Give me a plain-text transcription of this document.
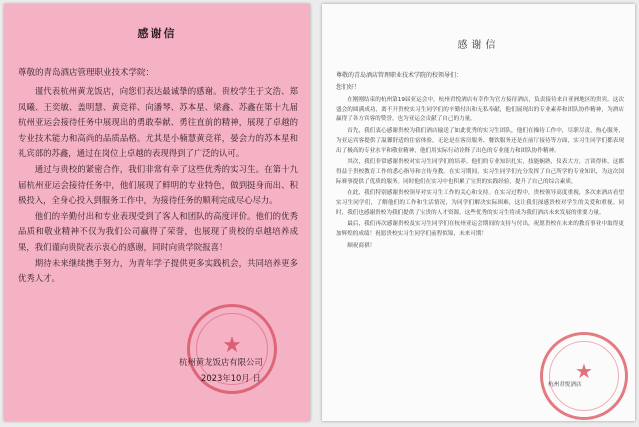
感谢信
尊敬的青岛酒店管理职业技术学院：

谨代表杭州黄龙饭店，向您们表达最诚挚的感谢。贵校学生于文浩、郑凤曦、王奕敏、盖明慧、黄竞祥、向潘琴、苏本星、梁鑫、苏鑫在第十九届杭州亚运会接待任务中展现出的勇敢奉献、勇往直前的精神，展现了卓越的专业技术能力和高尚的品质品格。尤其是小楠慧黄竞祥，晏会力的苏本星和礼宾部的苏鑫，通过在岗位上卓越的表现得到了广泛的认可。

通过与贵校的紧密合作，我们非常有幸了这些优秀的实习生。在第十九届杭州亚运会接待任务中，他们展现了鲜明的专业特色，做到挺身而出、积极投入，全身心投入到服务工作中，为接待任务的顺利完成尽心尽力。

他们的辛勤付出和专业表现受到了客人和团队的高度评价。他们的优秀品质和敬业精神不仅为我们公司赢得了荣誉，也展现了贵校的卓越培养成果，我们谨向贵院表示衷心的感谢，同时向贵学院报喜！

期待未来继续携手努力，为青年学子提供更多实践机会，共同培养更多优秀人才。

★
杭州黄龙饭店有限公司
2023年10月 日
感谢信
尊敬的青岛酒店管理职业技术学院的校领导们：
您们好！

在刚刚结束的杭州第19届亚运会中，杭州君悦酒店有幸作为官方接待酒店，负责接待来自亚洲地区的贵宾。这次盛会的圆满成功，离不开贵校实习生同学们的辛勤付出和无私奉献，他们展现出的专业素养和团队协作精神，为酒店赢得了各方宾客的赞誉，也为亚运会贡献了自己的力量。

首先，我们衷心感谢贵校为我们酒店输送了如此优秀的实习生团队，他们在操待工作中，尽职尽责，热心服务，为亚运宾客提供了温馨舒适的住宿体验，无论是在客房服务、餐饮服务还是在前厅接待等方面，实习生同学们都表现出了极高的专业水平和敬业精神，他们用实际行动诠释了出色的专业能力和团队协作精神。

其次，我们非常感谢贵校对实习生同学们的培养。他们的专业知识扎实，技能娴熟，仪表大方，言谈得体，这都得益于贵校教育工作的悉心指导和言传身教。在实习期间，实习生同学们充分发挥了自己所学的专业知识，为这次国际赛事提供了优质的服务。同时他们在实习中也积累了宝贵的实践经验，提升了自己的综合素质。

在此，我们特别感谢贵校领导对实习生工作的关心和支持。在实习过程中，贵校领导高度重视，多次来酒店看望实习生同学们，了解他们的工作和生活情况，为同学们解决实际困难，这让我们深感贵校对学生的关爱和重视。同时，我们也感谢贵校为我们提供了宝贵的人才资源，这些优秀的实习生将成为我们酒店未来发展的重要力量。

最后，我们再次感谢贵校及实习生同学们在杭州亚运会期间的支持与付出，祝愿贵校在未来的教育事业中取得更加辉煌的成绩！祝愿贵校实习生同学们前程似锦，未来可期！

顺祝商祺！

★
杭州君悦酒店
